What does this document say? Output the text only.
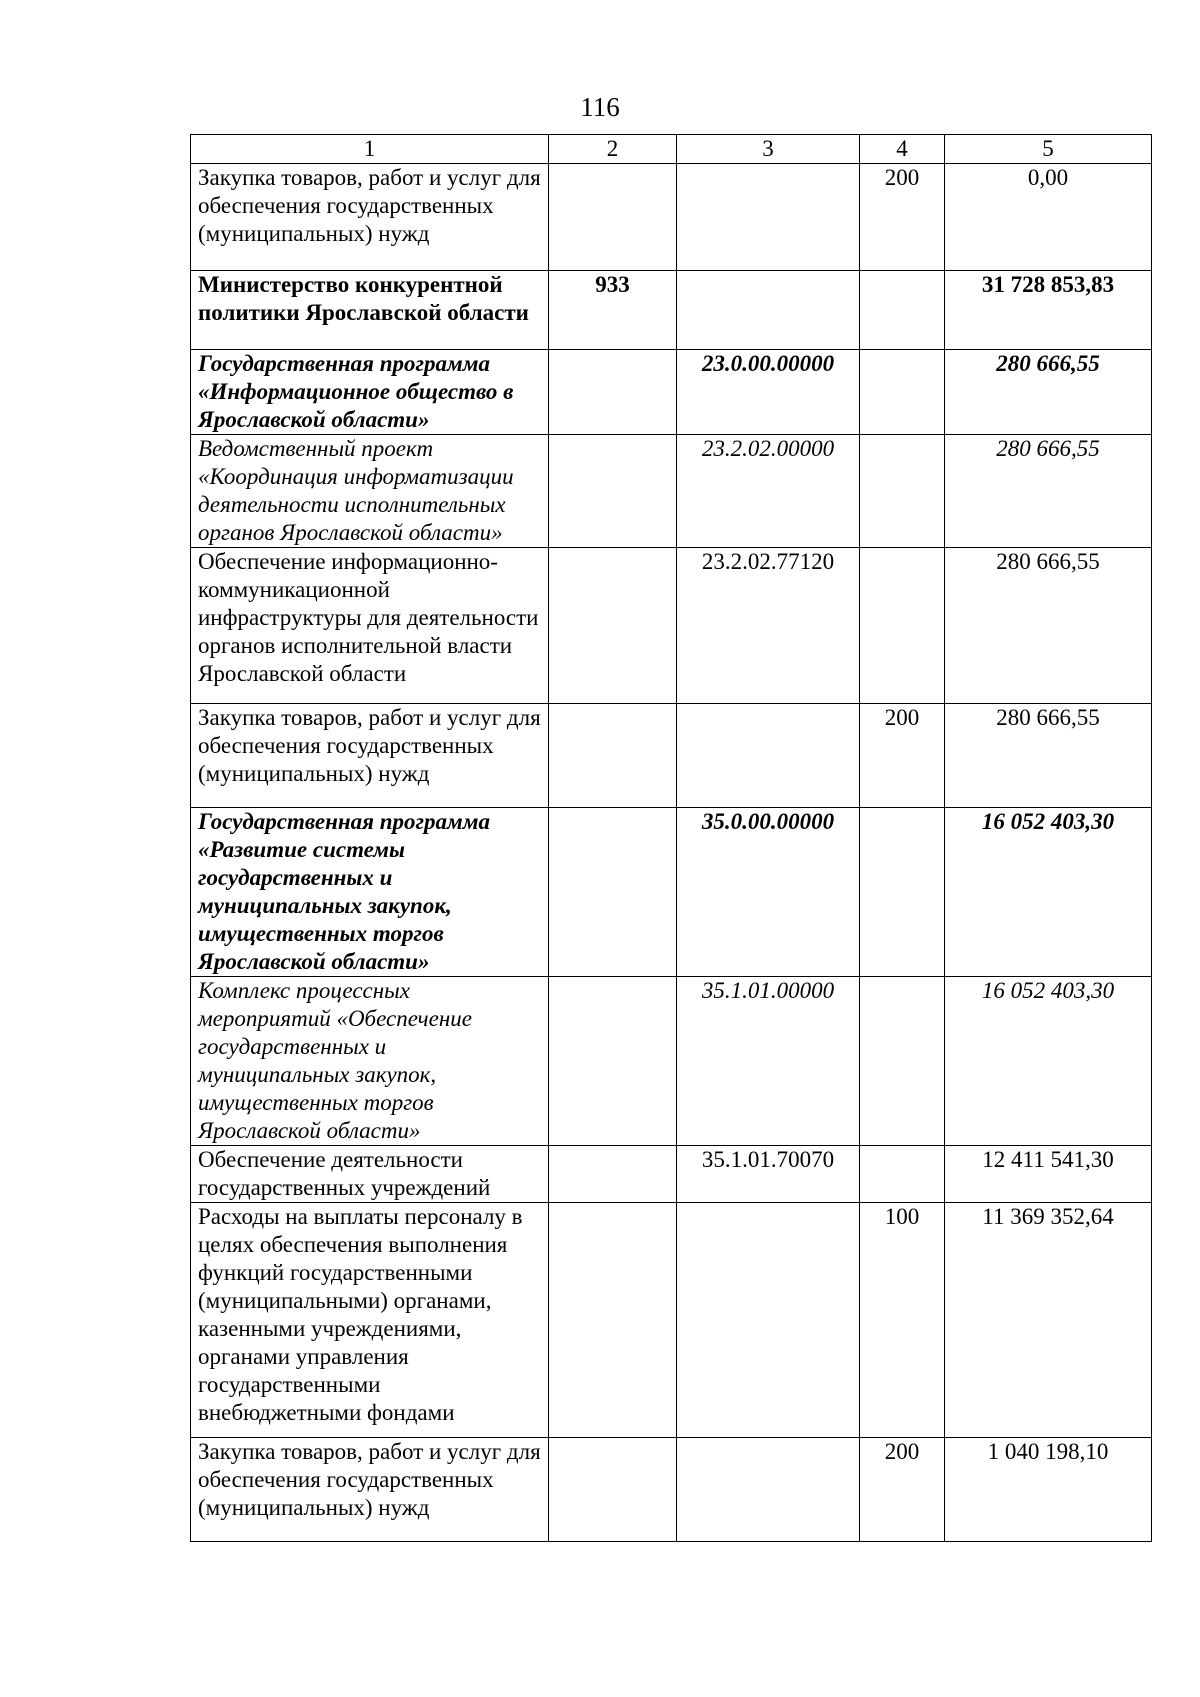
116
1	2	3	4	5
Закупка товаров, работ и услуг для обеспечения государственных (муниципальных) нужд			200	0,00
Министерство конкурентной политики Ярославской области	933			31 728 853,83
Государственная программа «Информационное общество в Ярославской области»		23.0.00.00000		280 666,55
Ведомственный проект «Координация информатизации деятельности исполнительных органов Ярославской области»		23.2.02.00000		280 666,55
Обеспечение информационно-коммуникационной инфраструктуры для деятельности органов исполнительной власти Ярославской области		23.2.02.77120		280 666,55
Закупка товаров, работ и услуг для обеспечения государственных (муниципальных) нужд			200	280 666,55
Государственная программа «Развитие системы государственных и муниципальных закупок, имущественных торгов Ярославской области»		35.0.00.00000		16 052 403,30
Комплекс процессных мероприятий «Обеспечение государственных и муниципальных закупок, имущественных торгов Ярославской области»		35.1.01.00000		16 052 403,30
Обеспечение деятельности государственных учреждений		35.1.01.70070		12 411 541,30
Расходы на выплаты персоналу в целях обеспечения выполнения функций государственными (муниципальными) органами, казенными учреждениями, органами управления государственными внебюджетными фондами			100	11 369 352,64
Закупка товаров, работ и услуг для обеспечения государственных (муниципальных) нужд			200	1 040 198,10
